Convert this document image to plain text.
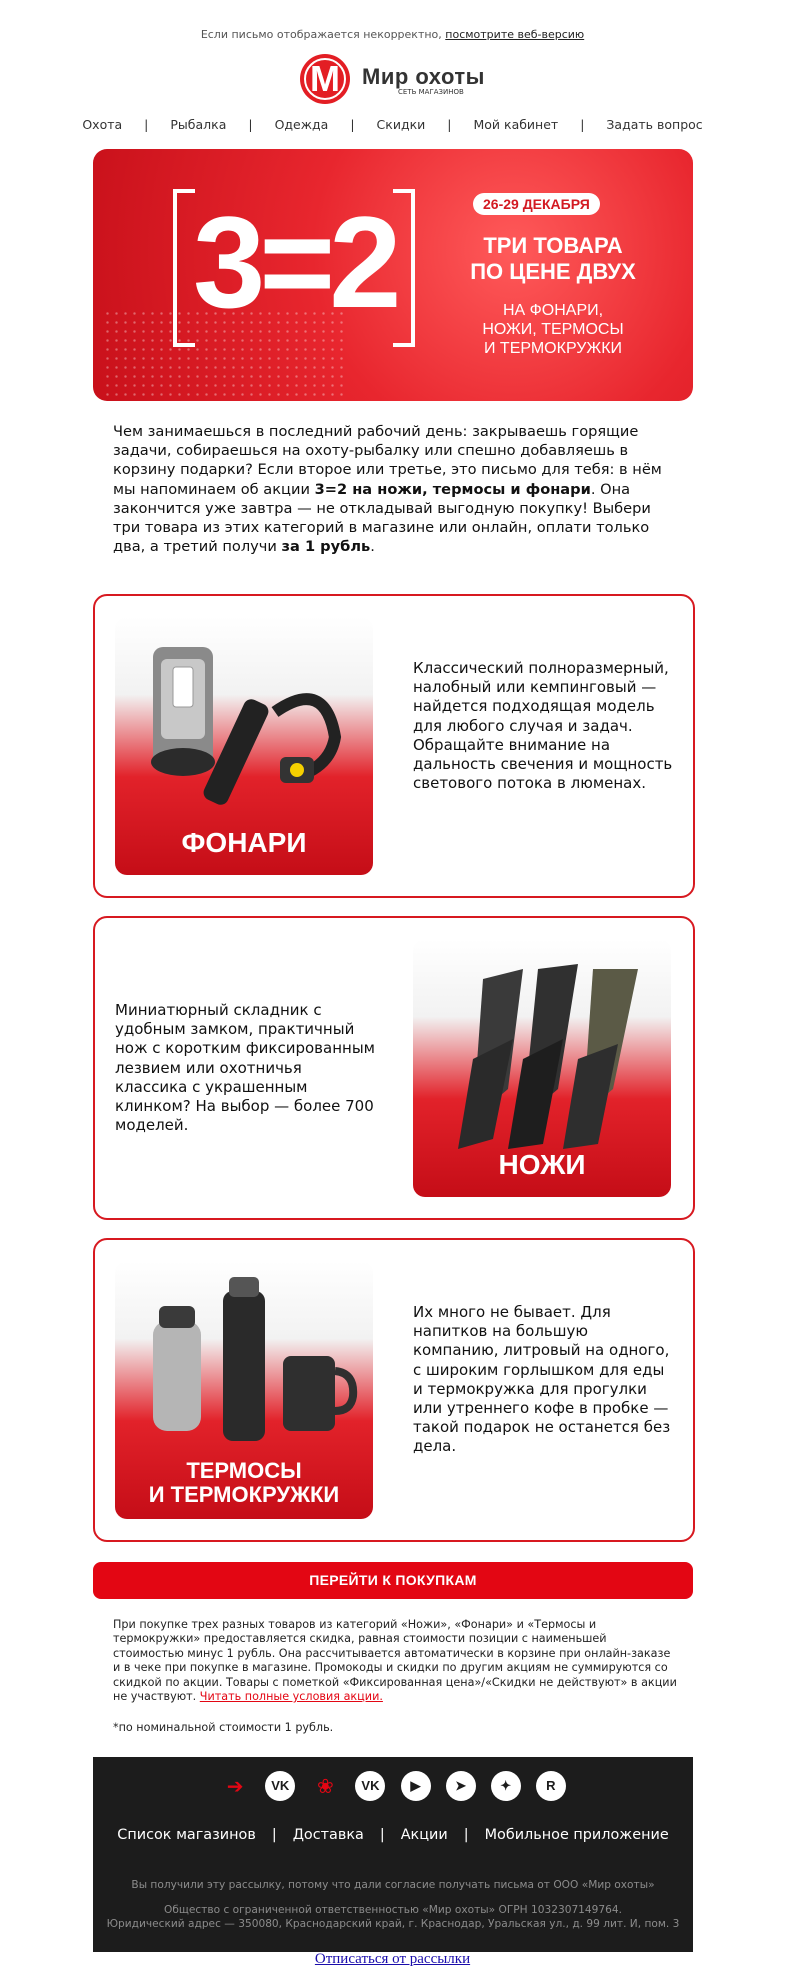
Если письмо отображается некорректно, посмотрите веб-версию
М	Мир охоты
СЕТЬ МАГАЗИНОВ
Охота | Рыбалка | Одежда | Скидки | Мой кабинет | Задать вопрос
3=2	26-29 ДЕКАБРЯ
ТРИ ТОВАРА
ПО ЦЕНЕ ДВУХ
НА ФОНАРИ,
НОЖИ, ТЕРМОСЫ
И ТЕРМОКРУЖКИ
Чем занимаешься в последний рабочий день: закрываешь горящие задачи, собираешься на охоту-рыбалку или спешно добавляешь в корзину подарки? Если второе или третье, это письмо для тебя: в нём мы напоминаем об акции 3=2 на ножи, термосы и фонари. Она закончится уже завтра — не откладывай выгодную покупку! Выбери три товара из этих категорий в магазине или онлайн, оплати только два, а третий получи за 1 рубль.
ФОНАРИ
Классический полноразмерный, налобный или кемпинговый — найдется подходящая модель для любого случая и задач. Обращайте внимание на дальность свечения и мощность светового потока в люменах.
Миниатюрный складник с удобным замком, практичный нож с коротким фиксированным лезвием или охотничья классика с украшенным клинком? На выбор — более 700 моделей.
НОЖИ
ТЕРМОСЫ
И ТЕРМОКРУЖКИ
Их много не бывает. Для напитков на большую компанию, литровый на одного, с широким горлышком для еды и термокружка для прогулки или утреннего кофе в пробке — такой подарок не останется без дела.
ПЕРЕЙТИ К ПОКУПКАМ
При покупке трех разных товаров из категорий «Ножи», «Фонари» и «Термосы и термокружки» предоставляется скидка, равная стоимости позиции с наименьшей стоимостью минус 1 рубль. Она рассчитывается автоматически в корзине при онлайн-заказе и в чеке при покупке в магазине. Промокоды и скидки по другим акциям не суммируются со скидкой по акции. Товары с пометкой «Фиксированная цена»/«Скидки не действуют» в акции не участвуют. Читать полные условия акции.
*по номинальной стоимости 1 рубль.
➔ VK ❀ VK ▶	➤	✦	R
Список магазинов | Доставка | Акции | Мобильное приложение
Вы получили эту рассылку, потому что дали согласие получать письма от ООО «Мир охоты»
Общество с ограниченной ответственностью «Мир охоты» ОГРН 1032307149764.
Юридический адрес — 350080, Краснодарский край, г. Краснодар, Уральская ул., д. 99 лит. И, пом. 3
Отписаться от рассылки
